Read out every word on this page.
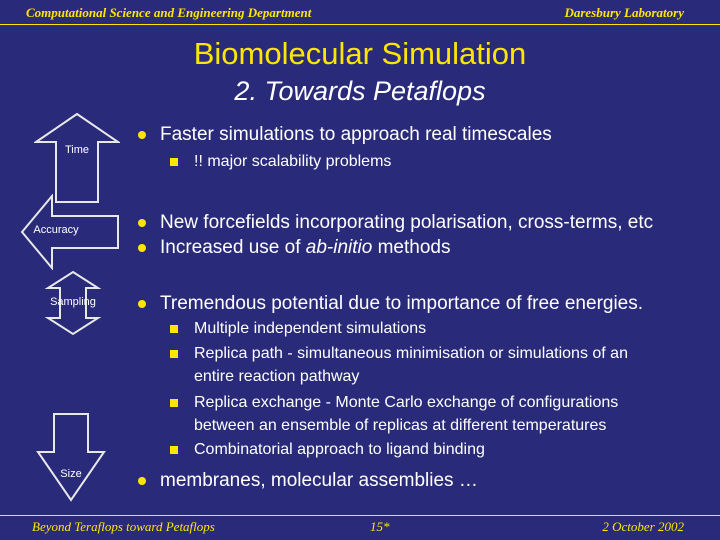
Computational Science and Engineering Department	Daresbury Laboratory
Biomolecular Simulation
2. Towards Petaflops
Time
Accuracy
Sampling
Size
Faster simulations to approach real timescales
!! major scalability problems
New forcefields incorporating polarisation, cross-terms, etc
Increased use of ab-initio methods
Tremendous potential due to importance of free energies.
Multiple independent simulations
Replica path - simultaneous minimisation or simulations of an
entire reaction pathway
Replica exchange - Monte Carlo exchange of configurations
between an ensemble of replicas at different temperatures
Combinatorial approach to ligand binding
membranes, molecular assemblies …
Beyond Teraflops toward Petaflops	15*	2 October 2002
